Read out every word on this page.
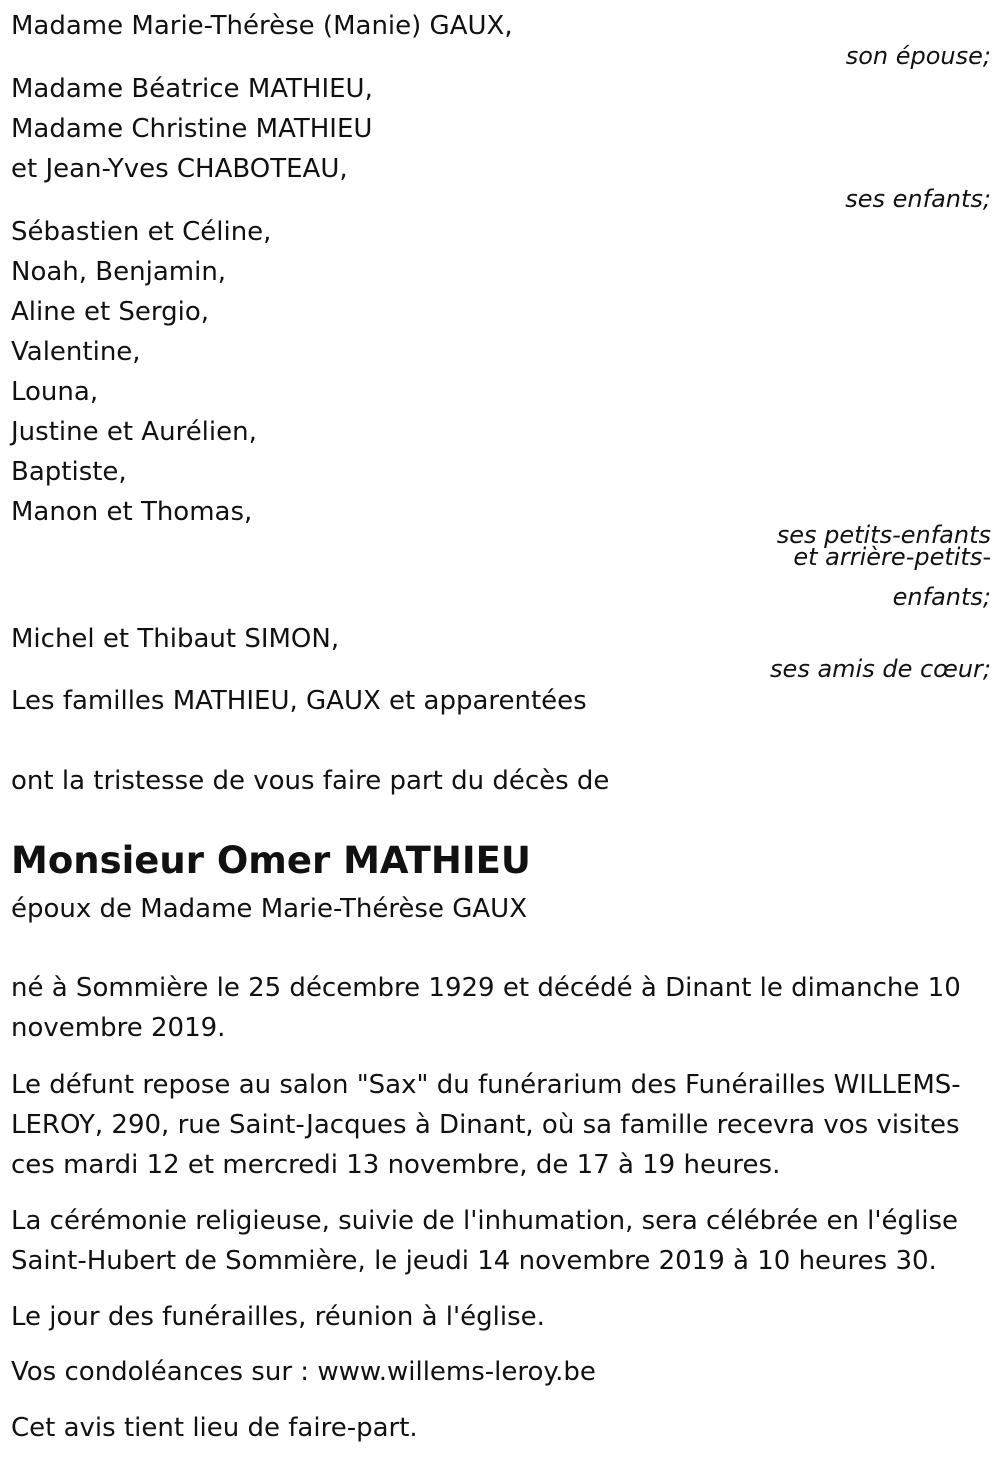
Madame Marie-Thérèse (Manie) GAUX,
son épouse;
Madame Béatrice MATHIEU,
Madame Christine MATHIEU
et Jean-Yves CHABOTEAU,
ses enfants;
Sébastien et Céline,
Noah, Benjamin,
Aline et Sergio,
Valentine,
Louna,
Justine et Aurélien,
Baptiste,
Manon et Thomas,
ses petits-enfants
et arrière-petits-
enfants;
Michel et Thibaut SIMON,
ses amis de cœur;
Les familles MATHIEU, GAUX et apparentées
ont la tristesse de vous faire part du décès de
Monsieur Omer MATHIEU
époux de Madame Marie-Thérèse GAUX
né à Sommière le 25 décembre 1929 et décédé à Dinant le dimanche 10 novembre 2019.
Le défunt repose au salon "Sax" du funérarium des Funérailles WILLEMS-LEROY, 290, rue Saint-Jacques à Dinant, où sa famille recevra vos visites ces mardi 12 et mercredi 13 novembre, de 17 à 19 heures.
La cérémonie religieuse, suivie de l'inhumation, sera célébrée en l'église Saint-Hubert de Sommière, le jeudi 14 novembre 2019 à 10 heures 30.
Le jour des funérailles, réunion à l'église.
Vos condoléances sur : www.willems-leroy.be
Cet avis tient lieu de faire-part.
